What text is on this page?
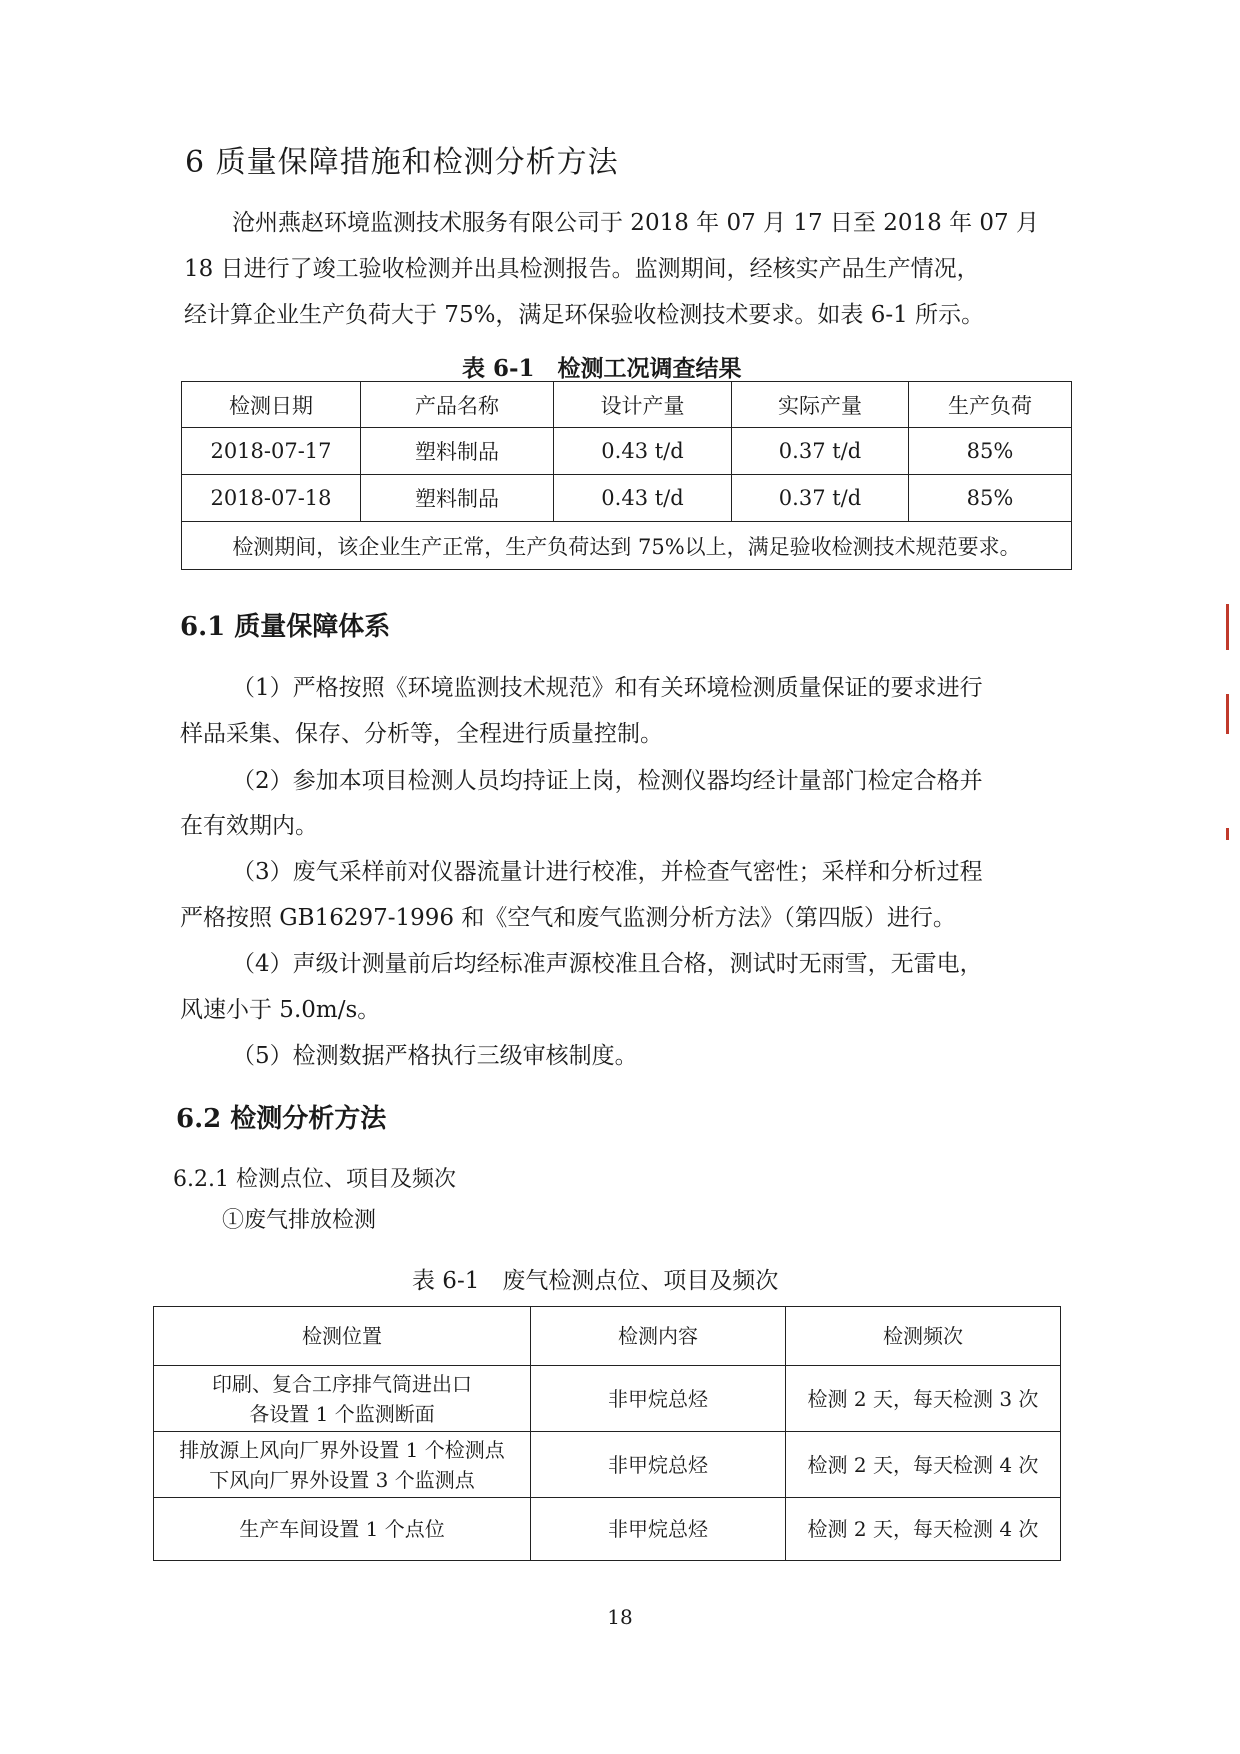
6 质量保障措施和检测分析方法
沧州燕赵环境监测技术服务有限公司于 2018 年 07 月 17 日至 2018 年 07 月
18 日进行了竣工验收检测并出具检测报告。监测期间，经核实产品生产情况，
经计算企业生产负荷大于 75%，满足环保验收检测技术要求。如表 6-1 所示。
表 6-1　检测工况调查结果
检测日期	产品名称	设计产量	实际产量	生产负荷
2018-07-17	塑料制品	0.43 t/d	0.37 t/d	85%
2018-07-18	塑料制品	0.43 t/d	0.37 t/d	85%
检测期间，该企业生产正常，生产负荷达到 75%以上，满足验收检测技术规范要求。				
6.1 质量保障体系
（1）严格按照《环境监测技术规范》和有关环境检测质量保证的要求进行
样品采集、保存、分析等，全程进行质量控制。
（2）参加本项目检测人员均持证上岗，检测仪器均经计量部门检定合格并
在有效期内。
（3）废气采样前对仪器流量计进行校准，并检查气密性；采样和分析过程
严格按照 GB16297-1996 和《空气和废气监测分析方法》（第四版）进行。
（4）声级计测量前后均经标准声源校准且合格，测试时无雨雪，无雷电，
风速小于 5.0m/s。
（5）检测数据严格执行三级审核制度。
6.2 检测分析方法
6.2.1 检测点位、项目及频次
①废气排放检测
表 6-1　废气检测点位、项目及频次
检测位置	检测内容	检测频次

印刷、复合工序排气筒进出口
各设置 1 个监测断面	非甲烷总烃	检测 2 天，每天检测 3 次

排放源上风向厂界外设置 1 个检测点
下风向厂界外设置 3 个监测点	非甲烷总烃	检测 2 天，每天检测 4 次

生产车间设置 1 个点位	非甲烷总烃	检测 2 天，每天检测 4 次
18
